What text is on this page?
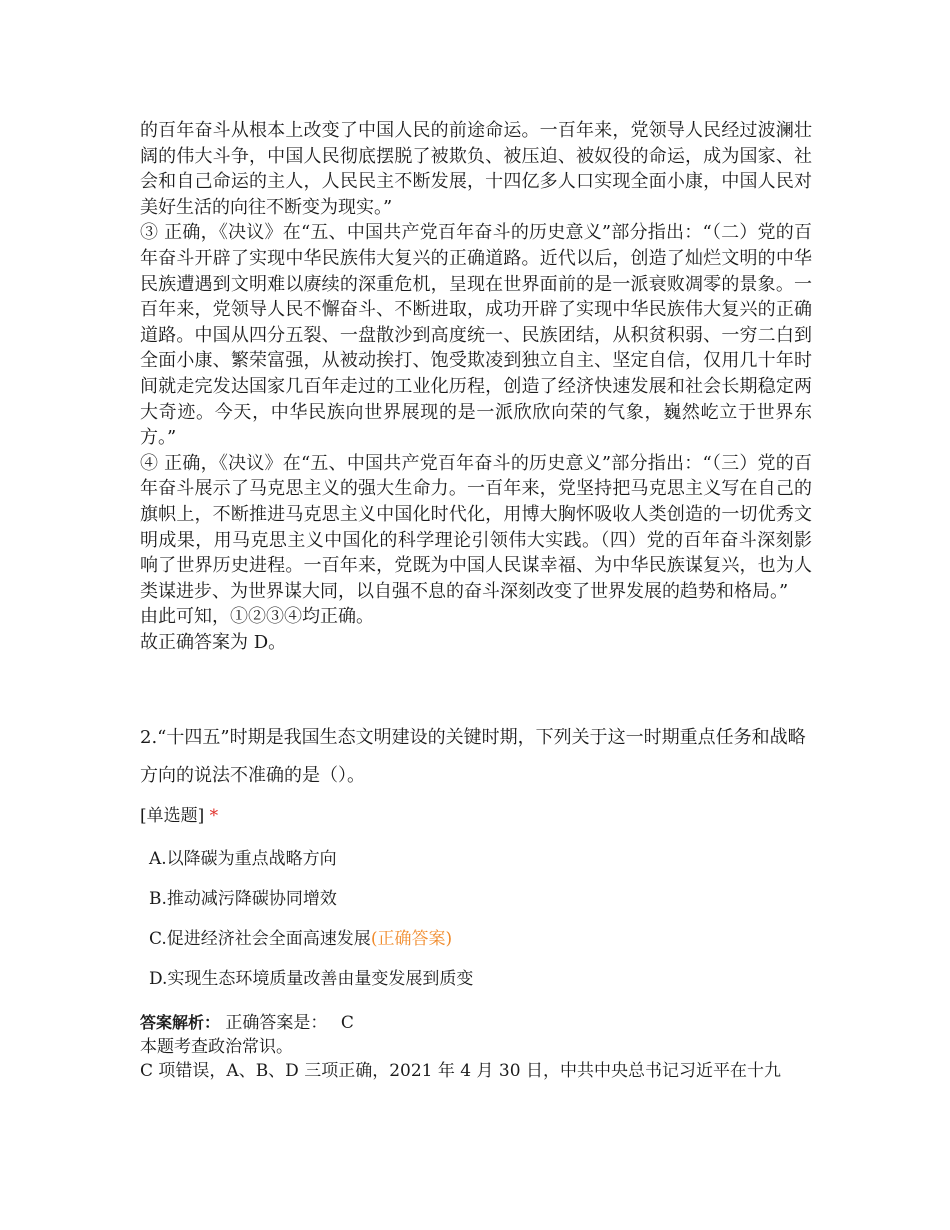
的百年奋斗从根本上改变了中国人民的前途命运。一百年来，党领导人民经过波澜壮阔的伟大斗争，中国人民彻底摆脱了被欺负、被压迫、被奴役的命运，成为国家、社会和自己命运的主人，人民民主不断发展，十四亿多人口实现全面小康，中国人民对美好生活的向往不断变为现实。”

③ 正确，《决议》在“五、中国共产党百年奋斗的历史意义”部分指出：“（二）党的百年奋斗开辟了实现中华民族伟大复兴的正确道路。近代以后，创造了灿烂文明的中华民族遭遇到文明难以赓续的深重危机，呈现在世界面前的是一派衰败凋零的景象。一百年来，党领导人民不懈奋斗、不断进取，成功开辟了实现中华民族伟大复兴的正确道路。中国从四分五裂、一盘散沙到高度统一、民族团结，从积贫积弱、一穷二白到全面小康、繁荣富强，从被动挨打、饱受欺凌到独立自主、坚定自信，仅用几十年时间就走完发达国家几百年走过的工业化历程，创造了经济快速发展和社会长期稳定两大奇迹。今天，中华民族向世界展现的是一派欣欣向荣的气象，巍然屹立于世界东方。”

④ 正确，《决议》在“五、中国共产党百年奋斗的历史意义”部分指出：“（三）党的百年奋斗展示了马克思主义的强大生命力。一百年来，党坚持把马克思主义写在自己的旗帜上，不断推进马克思主义中国化时代化，用博大胸怀吸收人类创造的一切优秀文明成果，用马克思主义中国化的科学理论引领伟大实践。（四）党的百年奋斗深刻影响了世界历史进程。一百年来，党既为中国人民谋幸福、为中华民族谋复兴，也为人类谋进步、为世界谋大同，以自强不息的奋斗深刻改变了世界发展的趋势和格局。”

由此可知，①②③④均正确。

故正确答案为 D。

2.“十四五”时期是我国生态文明建设的关键时期，下列关于这一时期重点任务和战略方向的说法不准确的是（）。

[单选题] *

A.以降碳为重点战略方向

B.推动减污降碳协同增效

C.促进经济社会全面高速发展(正确答案)

D.实现生态环境质量改善由量变发展到质变

答案解析： 正确答案是： C

本题考查政治常识。

C 项错误，A、B、D 三项正确，2021 年 4 月 30 日，中共中央总书记习近平在十九
